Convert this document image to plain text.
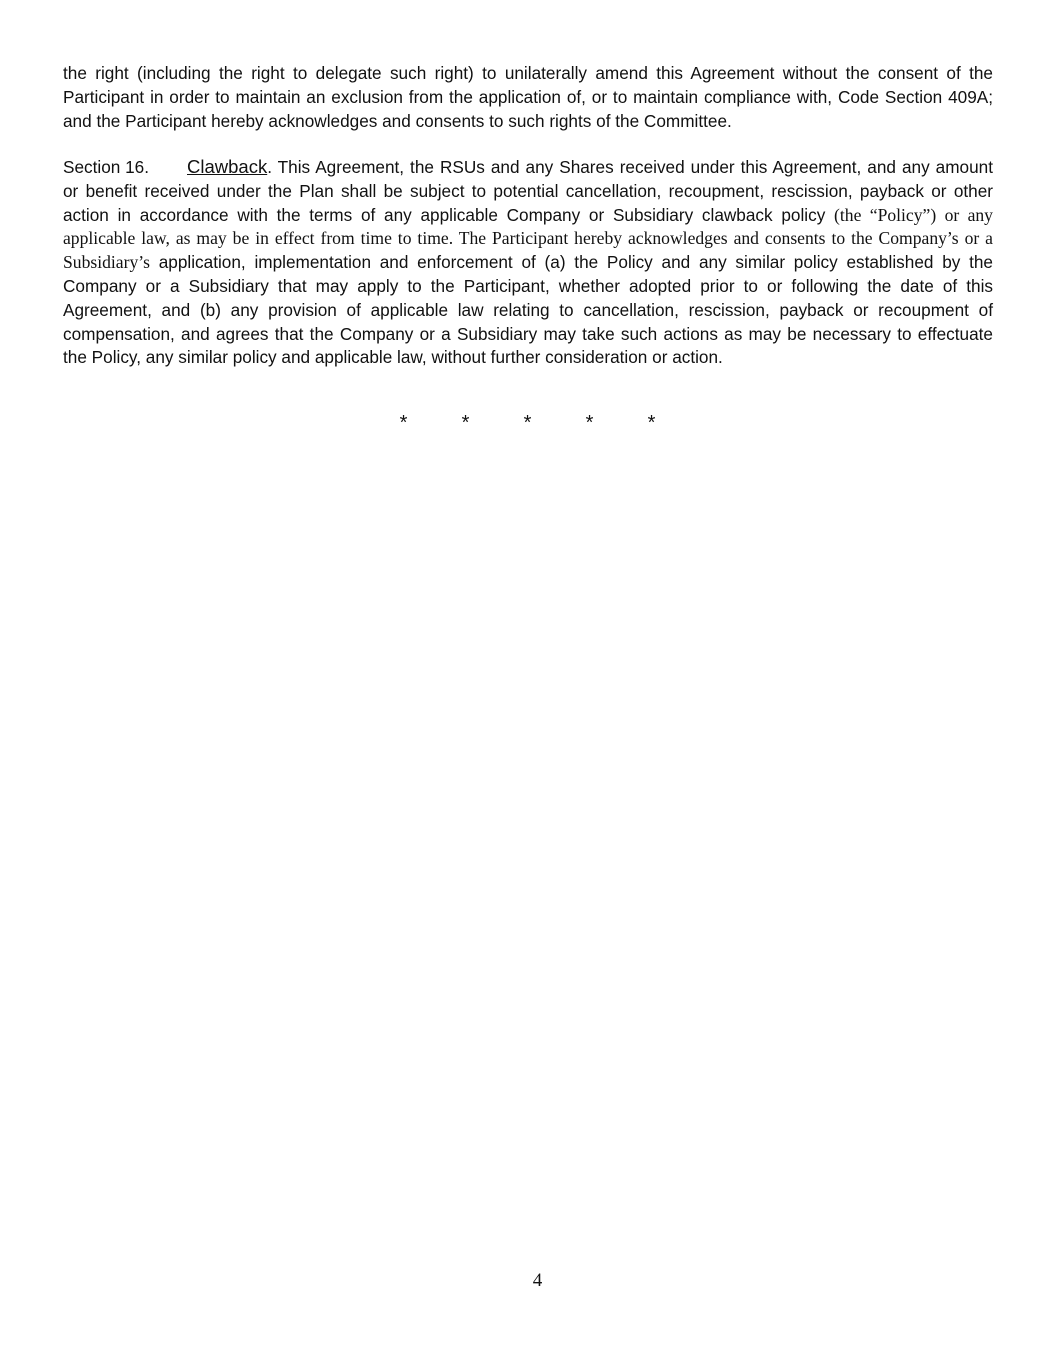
the right (including the right to delegate such right) to unilaterally amend this Agreement without the consent of the Participant in order to maintain an exclusion from the application of, or to maintain compliance with, Code Section 409A; and the Participant hereby acknowledges and consents to such rights of the Committee.

Section 16. Clawback. This Agreement, the RSUs and any Shares received under this Agreement, and any amount or benefit received under the Plan shall be subject to potential cancellation, recoupment, rescission, payback or other action in accordance with the terms of any applicable Company or Subsidiary clawback policy (the “Policy”) or any applicable law, as may be in effect from time to time. The Participant hereby acknowledges and consents to the Company’s or a Subsidiary’s application, implementation and enforcement of (a) the Policy and any similar policy established by the Company or a Subsidiary that may apply to the Participant, whether adopted prior to or following the date of this Agreement, and (b) any provision of applicable law relating to cancellation, rescission, payback or recoupment of compensation, and agrees that the Company or a Subsidiary may take such actions as may be necessary to effectuate the Policy, any similar policy and applicable law, without further consideration or action.

*	*	*	*	*
4
